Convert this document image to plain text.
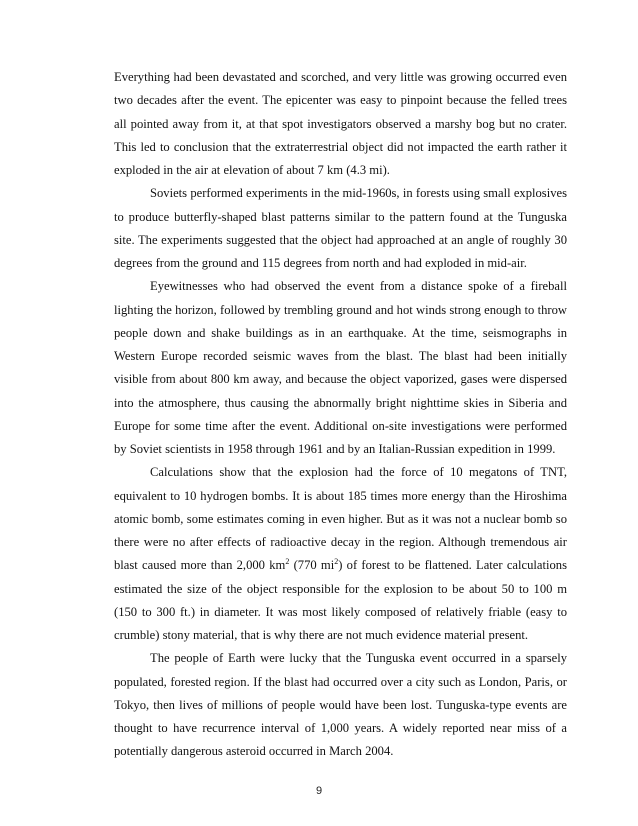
Everything had been devastated and scorched, and very little was growing occurred even two decades after the event. The epicenter was easy to pinpoint because the felled trees all pointed away from it, at that spot investigators observed a marshy bog but no crater. This led to conclusion that the extraterrestrial object did not impacted the earth rather it exploded in the air at elevation of about 7 km (4.3 mi).

Soviets performed experiments in the mid-1960s, in forests using small explosives to produce butterfly-shaped blast patterns similar to the pattern found at the Tunguska site. The experiments suggested that the object had approached at an angle of roughly 30 degrees from the ground and 115 degrees from north and had exploded in mid-air.

Eyewitnesses who had observed the event from a distance spoke of a fireball lighting the horizon, followed by trembling ground and hot winds strong enough to throw people down and shake buildings as in an earthquake. At the time, seismographs in Western Europe recorded seismic waves from the blast. The blast had been initially visible from about 800 km away, and because the object vaporized, gases were dispersed into the atmosphere, thus causing the abnormally bright nighttime skies in Siberia and Europe for some time after the event. Additional on-site investigations were performed by Soviet scientists in 1958 through 1961 and by an Italian-Russian expedition in 1999.

Calculations show that the explosion had the force of 10 megatons of TNT, equivalent to 10 hydrogen bombs. It is about 185 times more energy than the Hiroshima atomic bomb, some estimates coming in even higher. But as it was not a nuclear bomb so there were no after effects of radioactive decay in the region. Although tremendous air blast caused more than 2,000 $km^2$ (770 $mi^2$) of forest to be flattened. Later calculations estimated the size of the object responsible for the explosion to be about 50 to 100 m (150 to 300 ft.) in diameter. It was most likely composed of relatively friable (easy to crumble) stony material, that is why there are not much evidence material present.

The people of Earth were lucky that the Tunguska event occurred in a sparsely populated, forested region. If the blast had occurred over a city such as London, Paris, or Tokyo, then lives of millions of people would have been lost. Tunguska-type events are thought to have recurrence interval of 1,000 years. A widely reported near miss of a potentially dangerous asteroid occurred in March 2004.

9
